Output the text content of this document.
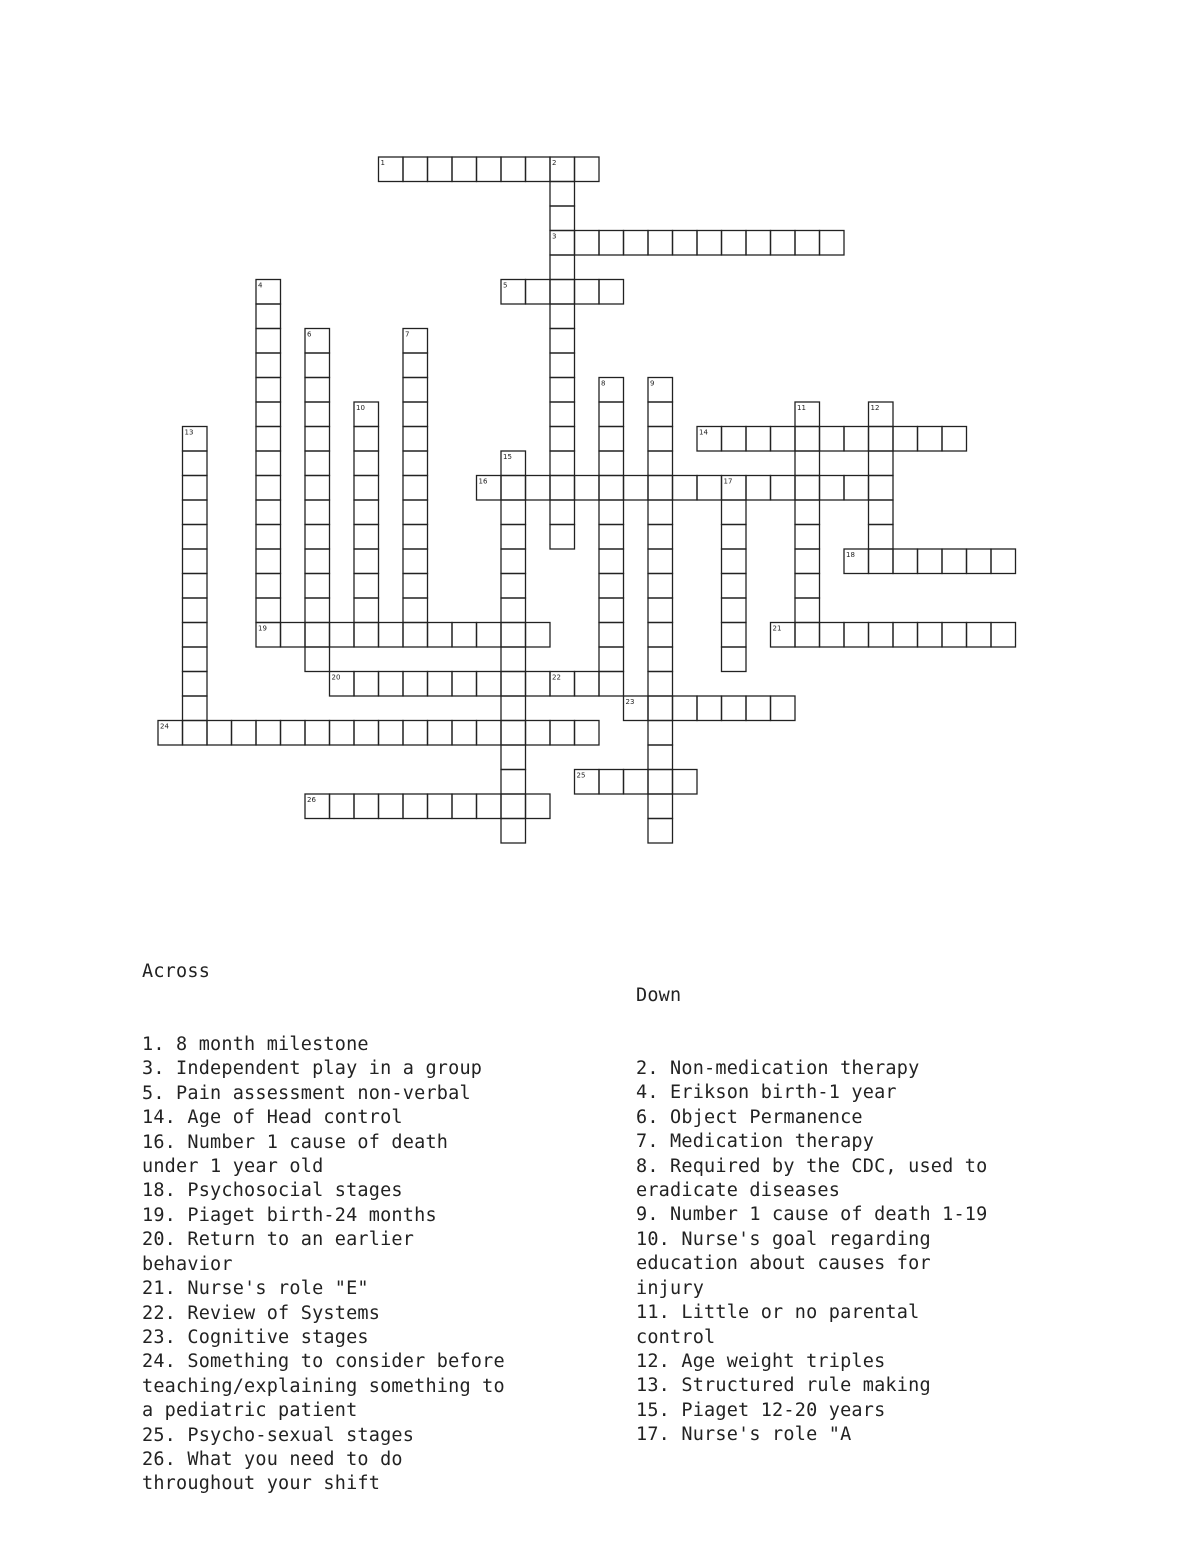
1	2
3
5
4
6	7
8	9
10	11	12
13	14
15
16	17
18
19	21
20	22
23
24
25
26

Across

1. 8 month milestone
3. Independent play in a group
5. Pain assessment non-verbal
14. Age of Head control
16. Number 1 cause of death
under 1 year old
18. Psychosocial stages
19. Piaget birth-24 months
20. Return to an earlier
behavior
21. Nurse's role "E"
22. Review of Systems
23. Cognitive stages
24. Something to consider before
teaching/explaining something to
a pediatric patient
25. Psycho-sexual stages
26. What you need to do
throughout your shift

Down

2. Non-medication therapy
4. Erikson birth-1 year
6. Object Permanence
7. Medication therapy
8. Required by the CDC, used to
eradicate diseases
9. Number 1 cause of death 1-19
10. Nurse's goal regarding
education about causes for
injury
11. Little or no parental
control
12. Age weight triples
13. Structured rule making
15. Piaget 12-20 years
17. Nurse's role "A
